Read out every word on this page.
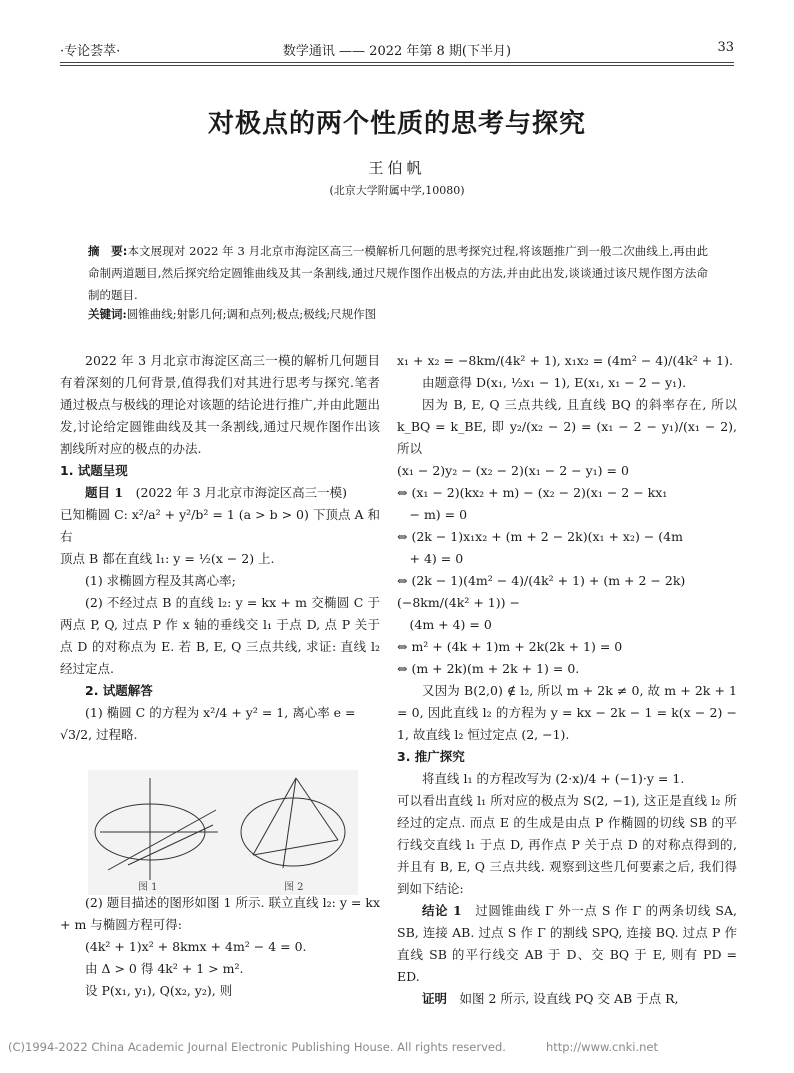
·专论荟萃·	数学通讯 —— 2022 年第 8 期(下半月)	33
对极点的两个性质的思考与探究
王伯帆
(北京大学附属中学,10080)
摘　要:本文展现对 2022 年 3 月北京市海淀区高三一模解析几何题的思考探究过程,将该题推广到一般二次曲线上,再由此命制两道题目,然后探究给定圆锥曲线及其一条割线,通过尺规作图作出极点的方法,并由此出发,谈谈通过该尺规作图方法命制的题目.
关键词:圆锥曲线;射影几何;调和点列;极点;极线;尺规作图

2022 年 3 月北京市海淀区高三一模的解析几何题目有着深刻的几何背景,值得我们对其进行思考与探究.笔者通过极点与极线的理论对该题的结论进行推广,并由此题出发,讨论给定圆锥曲线及其一条割线,通过尺规作图作出该割线所对应的极点的办法.

1. 试题呈现

题目 1　 (2022 年 3 月北京市海淀区高三一模)

已知椭圆 C: x²/a² + y²/b² = 1 (a > b > 0) 下顶点 A 和右

顶点 B 都在直线 l₁: y = ½(x − 2) 上.

(1) 求椭圆方程及其离心率;

(2) 不经过点 B 的直线 l₂: y = kx + m 交椭圆 C 于两点 P, Q, 过点 P 作 x 轴的垂线交 l₁ 于点 D, 点 P 关于点 D 的对称点为 E. 若 B, E, Q 三点共线, 求证: 直线 l₂ 经过定点.

2. 试题解答

(1) 椭圆 C 的方程为 x²/4 + y² = 1, 离心率 e =

√3/2, 过程略.

(2) 题目描述的图形如图 1 所示. 联立直线 l₂: y = kx + m 与椭圆方程可得:

(4k² + 1)x² + 8kmx + 4m² − 4 = 0.

由 Δ > 0 得 4k² + 1 > m².

设 P(x₁, y₁), Q(x₂, y₂), 则

图 1	图 2

x₁ + x₂ = −8km/(4k² + 1), x₁x₂ = (4m² − 4)/(4k² + 1).

由题意得 D(x₁, ½x₁ − 1), E(x₁, x₁ − 2 − y₁).

因为 B, E, Q 三点共线, 且直线 BQ 的斜率存在, 所以 k_BQ = k_BE, 即 y₂/(x₂ − 2) = (x₁ − 2 − y₁)/(x₁ − 2), 所以

(x₁ − 2)y₂ − (x₂ − 2)(x₁ − 2 − y₁) = 0

⇔ (x₁ − 2)(kx₂ + m) − (x₂ − 2)(x₁ − 2 − kx₁

　− m) = 0

⇔ (2k − 1)x₁x₂ + (m + 2 − 2k)(x₁ + x₂) − (4m

　+ 4) = 0

⇔ (2k − 1)(4m² − 4)/(4k² + 1) + (m + 2 − 2k)(−8km/(4k² + 1)) −

　(4m + 4) = 0

⇔ m² + (4k + 1)m + 2k(2k + 1) = 0

⇔ (m + 2k)(m + 2k + 1) = 0.

又因为 B(2,0) ∉ l₂, 所以 m + 2k ≠ 0, 故 m + 2k + 1 = 0, 因此直线 l₂ 的方程为 y = kx − 2k − 1 = k(x − 2) − 1, 故直线 l₂ 恒过定点 (2, −1).

3. 推广探究

将直线 l₁ 的方程改写为 (2·x)/4 + (−1)·y = 1.

可以看出直线 l₁ 所对应的极点为 S(2, −1), 这正是直线 l₂ 所经过的定点. 而点 E 的生成是由点 P 作椭圆的切线 SB 的平行线交直线 l₁ 于点 D, 再作点 P 关于点 D 的对称点得到的, 并且有 B, E, Q 三点共线. 观察到这些几何要素之后, 我们得到如下结论:

结论 1　 过圆锥曲线 Γ 外一点 S 作 Γ 的两条切线 SA, SB, 连接 AB. 过点 S 作 Γ 的割线 SPQ, 连接 BQ. 过点 P 作直线 SB 的平行线交 AB 于 D、交 BQ 于 E, 则有 PD = ED.

证明　 如图 2 所示, 设直线 PQ 交 AB 于点 R,

(C)1994-2022 China Academic Journal Electronic Publishing House. All rights reserved.	http://www.cnki.net
